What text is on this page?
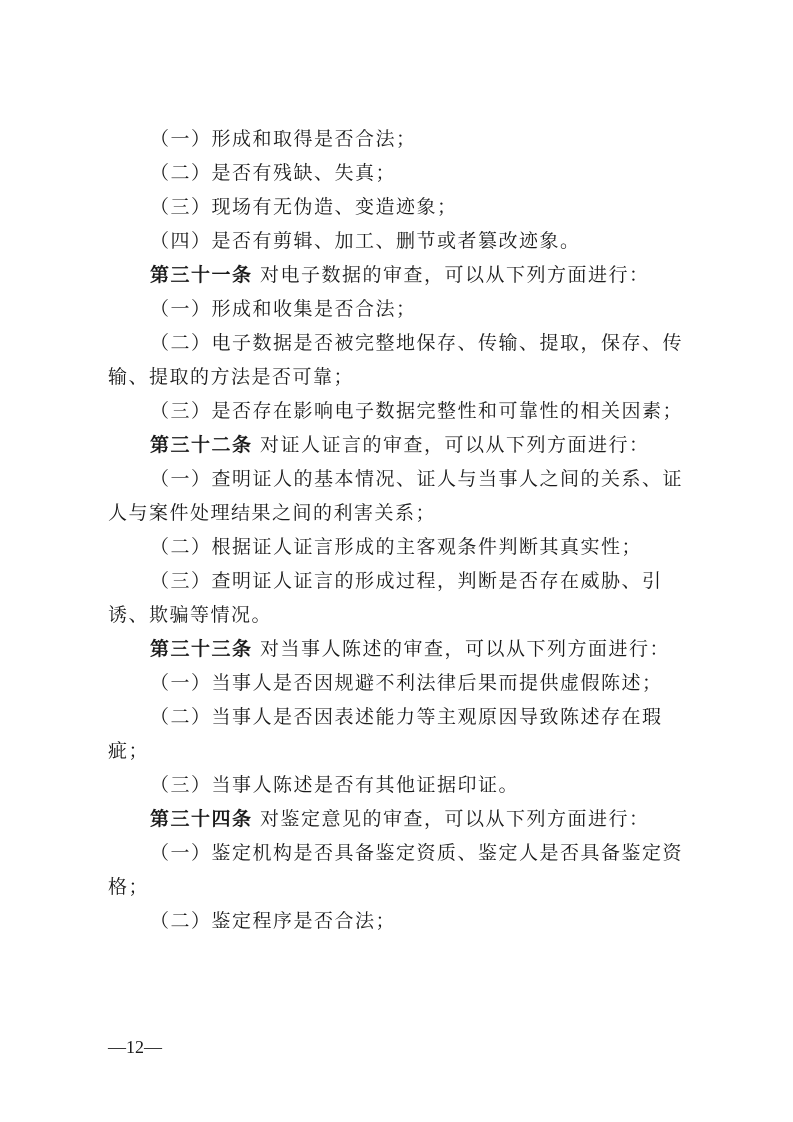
（一）形成和取得是否合法；

（二）是否有残缺、失真；

（三）现场有无伪造、变造迹象；

（四）是否有剪辑、加工、删节或者篡改迹象。

第三十一条 对电子数据的审查，可以从下列方面进行：

（一）形成和收集是否合法；

（二）电子数据是否被完整地保存、传输、提取，保存、传输、提取的方法是否可靠；

（三）是否存在影响电子数据完整性和可靠性的相关因素；

第三十二条 对证人证言的审查，可以从下列方面进行：

（一）查明证人的基本情况、证人与当事人之间的关系、证人与案件处理结果之间的利害关系；

（二）根据证人证言形成的主客观条件判断其真实性；

（三）查明证人证言的形成过程，判断是否存在威胁、引诱、欺骗等情况。

第三十三条 对当事人陈述的审查，可以从下列方面进行：

（一）当事人是否因规避不利法律后果而提供虚假陈述；

（二）当事人是否因表述能力等主观原因导致陈述存在瑕疵；

（三）当事人陈述是否有其他证据印证。

第三十四条 对鉴定意见的审查，可以从下列方面进行：

（一）鉴定机构是否具备鉴定资质、鉴定人是否具备鉴定资格；

（二）鉴定程序是否合法；

—12—
